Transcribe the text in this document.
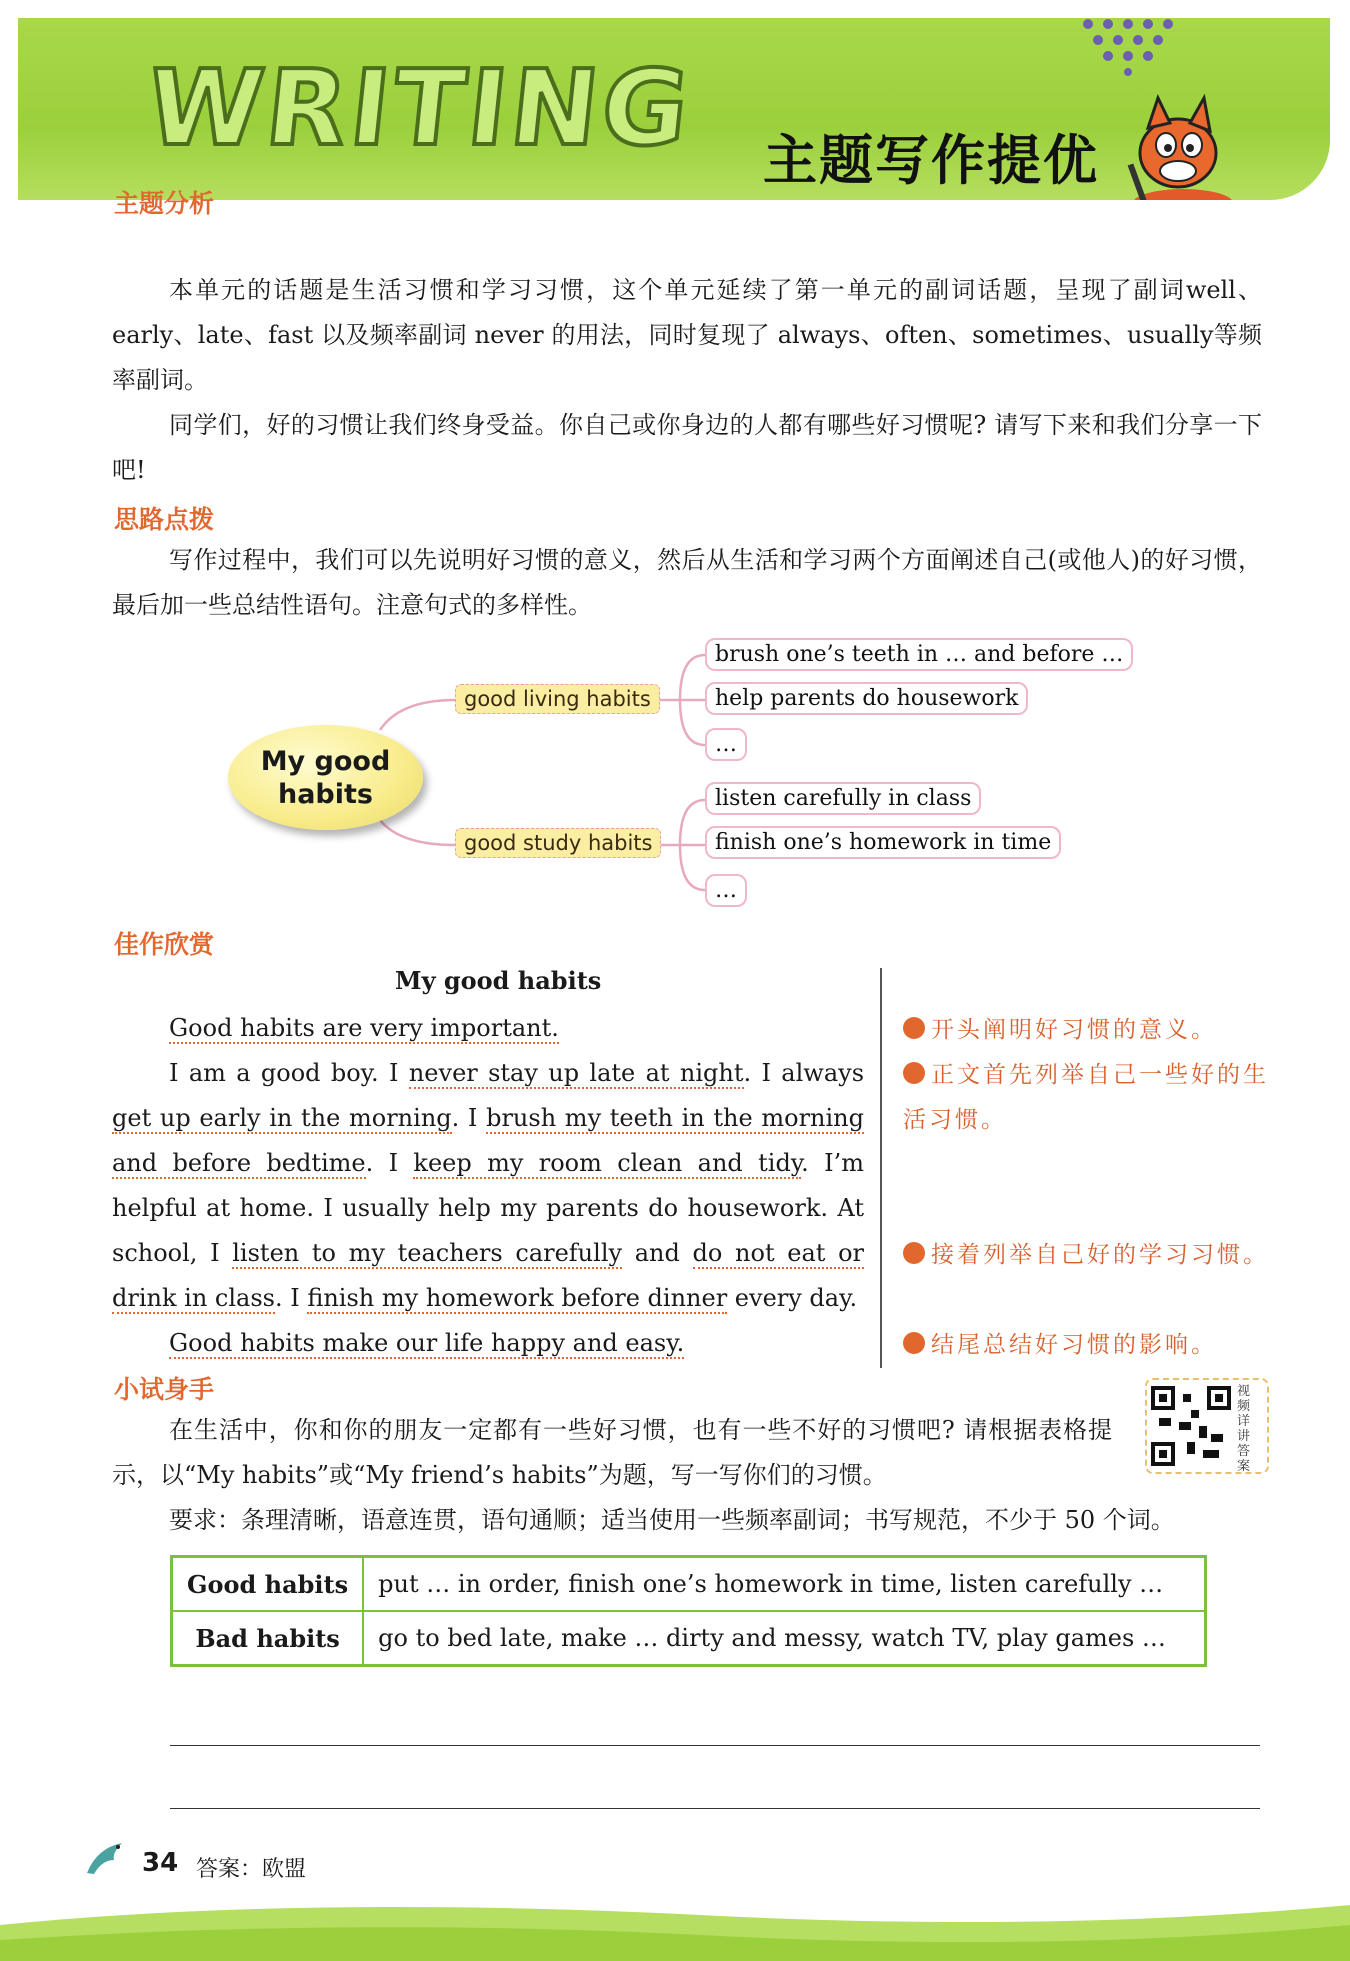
WRITING 主题写作提优
主题分析
本单元的话题是生活习惯和学习习惯，这个单元延续了第一单元的副词话题，呈现了副词well、early、late、fast 以及频率副词 never 的用法，同时复现了 always、often、sometimes、usually等频率副词。
同学们，好的习惯让我们终身受益。你自己或你身边的人都有哪些好习惯呢? 请写下来和我们分享一下吧!
思路点拨
写作过程中，我们可以先说明好习惯的意义，然后从生活和学习两个方面阐述自己(或他人)的好习惯，最后加一些总结性语句。注意句式的多样性。
My good habits
good living habits
good study habits
brush one’s teeth in … and before …
help parents do housework
…
listen carefully in class
finish one’s homework in time
…
佳作欣赏
My good habits
Good habits are very important.
I am a good boy. I never stay up late at night. I always get up early in the morning. I brush my teeth in the morning and before bedtime. I keep my room clean and tidy. I’m helpful at home. I usually help my parents do housework. At school, I listen to my teachers carefully and do not eat or drink in class. I finish my homework before dinner every day.
Good habits make our life happy and easy.
开头阐明好习惯的意义。
正文首先列举自己一些好的生活习惯。
接着列举自己好的学习习惯。
结尾总结好习惯的影响。
小试身手	视频详讲答案
在生活中，你和你的朋友一定都有一些好习惯，也有一些不好的习惯吧? 请根据表格提示，以“My habits”或“My friend’s habits”为题，写一写你们的习惯。
要求：条理清晰，语意连贯，语句通顺；适当使用一些频率副词；书写规范，不少于 50 个词。
Good habits	put … in order, finish one’s homework in time, listen carefully …
Bad habits	go to bed late, make … dirty and messy, watch TV, play games …
34 答案：欧盟
